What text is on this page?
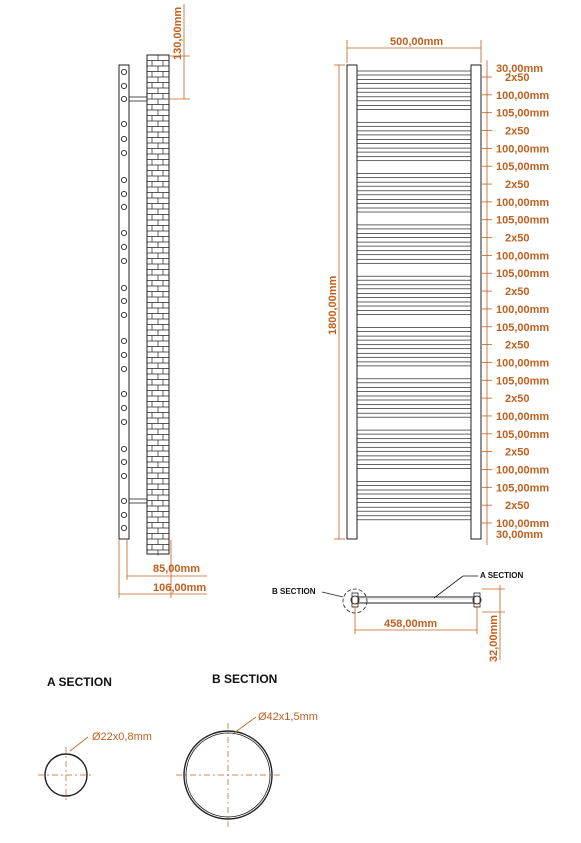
130,00mm
85,00mm
106,00mm
500,00mm
1800,00mm
30,00mm
2x50
100,00mm
105,00mm
2x50
100,00mm
105,00mm
2x50
100,00mm
105,00mm
2x50
100,00mm
105,00mm
2x50
100,00mm
105,00mm
2x50
100,00mm
105,00mm
2x50
100,00mm
105,00mm
2x50
100,00mm
105,00mm
2x50
100,00mm
30,00mm
B SECTION
A SECTION
458,00mm	32,00mm
A SECTION
Ø22x0,8mm
B SECTION
Ø42x1,5mm
